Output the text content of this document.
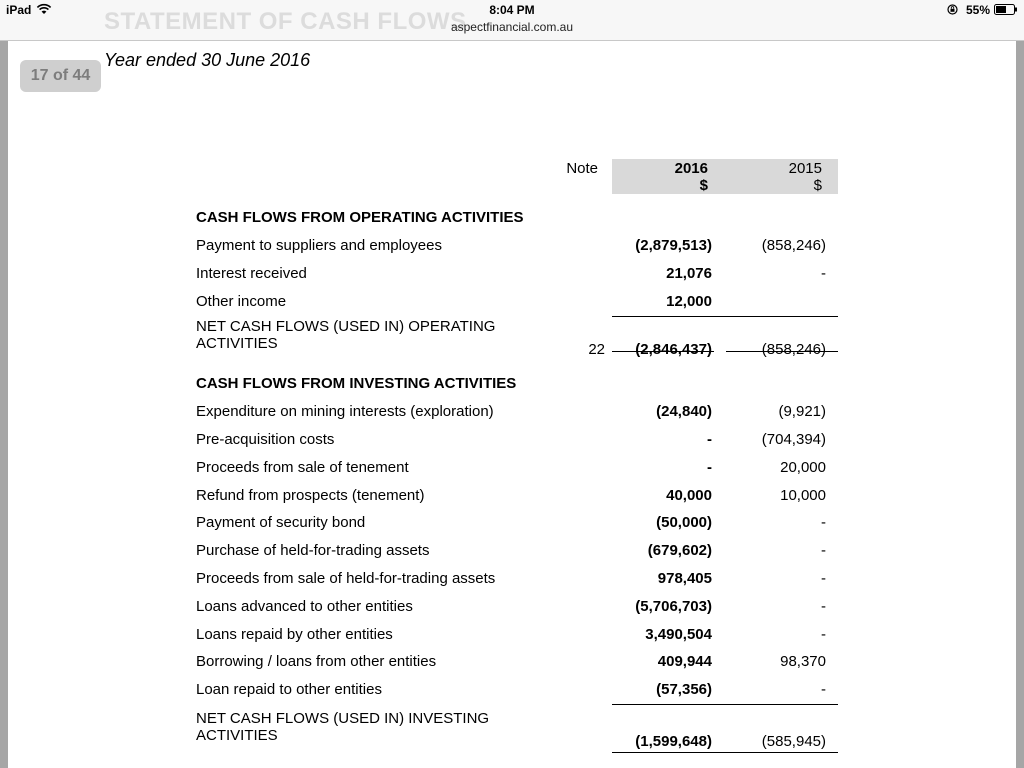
STATEMENT OF CASH FLOWS
iPad	8:04 PM
aspectfinancial.com.au
55%
17 of 44
Year ended 30 June 2016
Note	2016
$
2015
$
CASH FLOWS FROM OPERATING ACTIVITIES
Payment to suppliers and employees	(2,879,513)	(858,246)
Interest received	21,076	-
Other income	12,000
NET CASH FLOWS (USED IN) OPERATING ACTIVITIES	22	(2,846,437)	(858,246)
CASH FLOWS FROM INVESTING ACTIVITIES
Expenditure on mining interests (exploration)	(24,840)	(9,921)
Pre-acquisition costs	-	(704,394)
Proceeds from sale of tenement	-	20,000
Refund from prospects (tenement)	40,000	10,000
Payment of security bond	(50,000)	-
Purchase of held-for-trading assets	(679,602)	-
Proceeds from sale of held-for-trading assets	978,405	-
Loans advanced to other entities	(5,706,703)	-
Loans repaid by other entities	3,490,504	-
Borrowing / loans from other entities	409,944	98,370
Loan repaid to other entities	(57,356)	-
NET CASH FLOWS (USED IN) INVESTING ACTIVITIES	(1,599,648)	(585,945)
